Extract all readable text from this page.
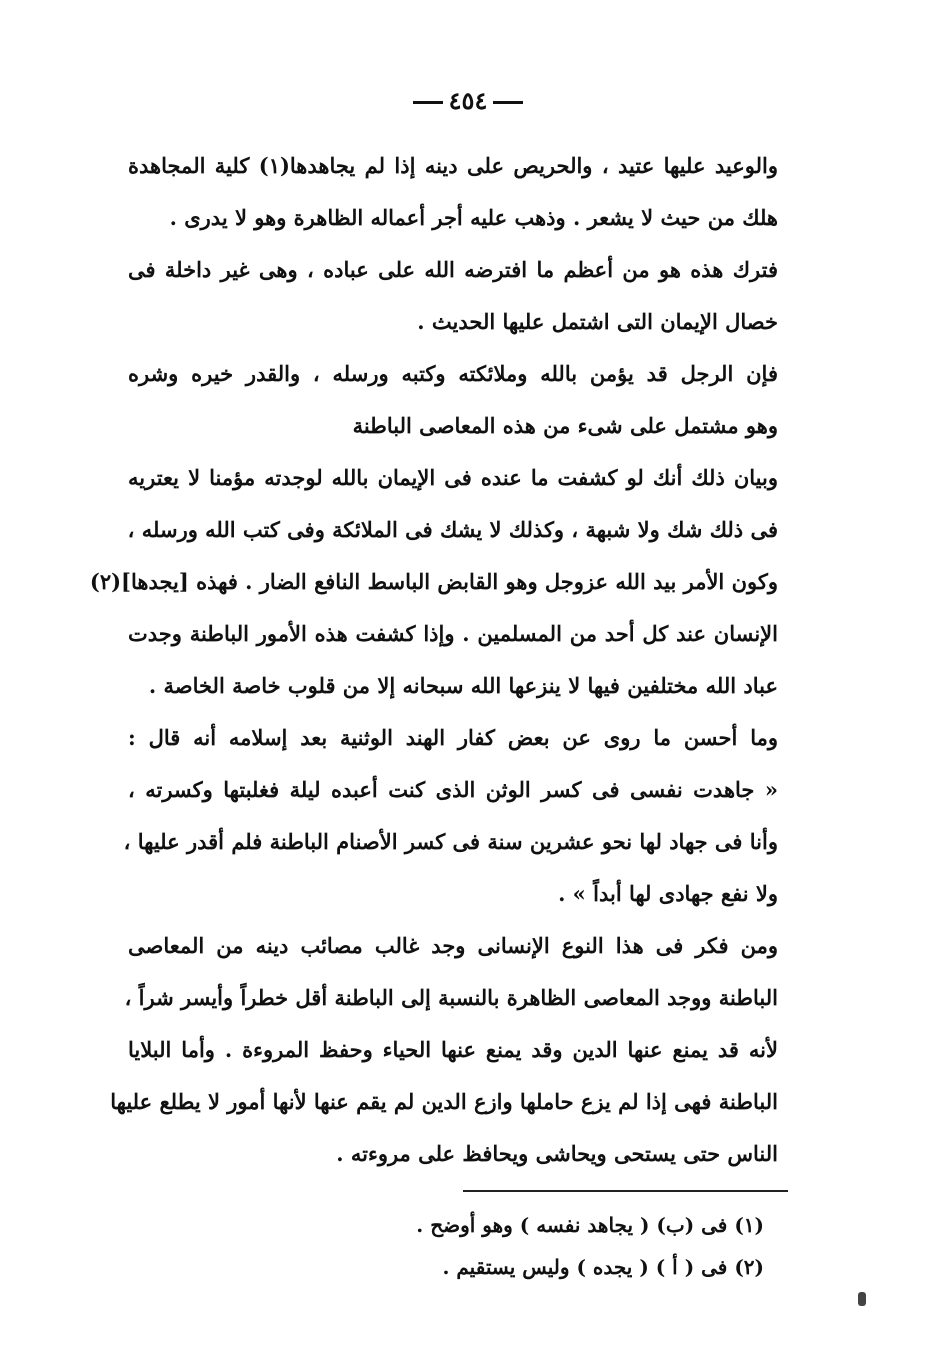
٤٥٤
والوعيد عليها عتيد ، والحريص على دينه إذا لم يجاهدها(١) كلية المجاهدة
هلك من حيث لا يشعر . وذهب عليه أجر أعماله الظاهرة وهو لا يدرى .
فترك هذه هو من أعظم ما افترضه الله على عباده ، وهى غير داخلة فى
خصال الإيمان التى اشتمل عليها الحديث .
فإن الرجل قد يؤمن بالله وملائكته وكتبه ورسله ، والقدر خيره وشره
وهو مشتمل على شىء من هذه المعاصى الباطنة
وبيان ذلك أنك لو كشفت ما عنده فى الإيمان بالله لوجدته مؤمنا لا يعتريه
فى ذلك شك ولا شبهة ، وكذلك لا يشك فى الملائكة وفى كتب الله ورسله ،
وكون الأمر بيد الله عزوجل وهو القابض الباسط النافع الضار . فهذه [يجدها](٢)
الإنسان عند كل أحد من المسلمين . وإذا كشفت هذه الأمور الباطنة وجدت
عباد الله مختلفين فيها لا ينزعها الله سبحانه إلا من قلوب خاصة الخاصة .
وما أحسن ما روى عن بعض كفار الهند الوثنية بعد إسلامه أنه قال :
« جاهدت نفسى فى كسر الوثن الذى كنت أعبده ليلة فغلبتها وكسرته ،
وأنا فى جهاد لها نحو عشرين سنة فى كسر الأصنام الباطنة فلم أقدر عليها ،
ولا نفع جهادى لها أبداً » .
ومن فكر فى هذا النوع الإنسانى وجد غالب مصائب دينه من المعاصى
الباطنة ووجد المعاصى الظاهرة بالنسبة إلى الباطنة أقل خطراً وأيسر شراً ،
لأنه قد يمنع عنها الدين وقد يمنع عنها الحياء وحفظ المروءة . وأما البلايا
الباطنة فهى إذا لم يزع حاملها وازع الدين لم يقم عنها لأنها أمور لا يطلع عليها
الناس حتى يستحى ويحاشى ويحافظ على مروءته .
(١) فى (ب) ( يجاهد نفسه ) وهو أوضح .
(٢) فى ( أ ) ( يجده ) وليس يستقيم .
